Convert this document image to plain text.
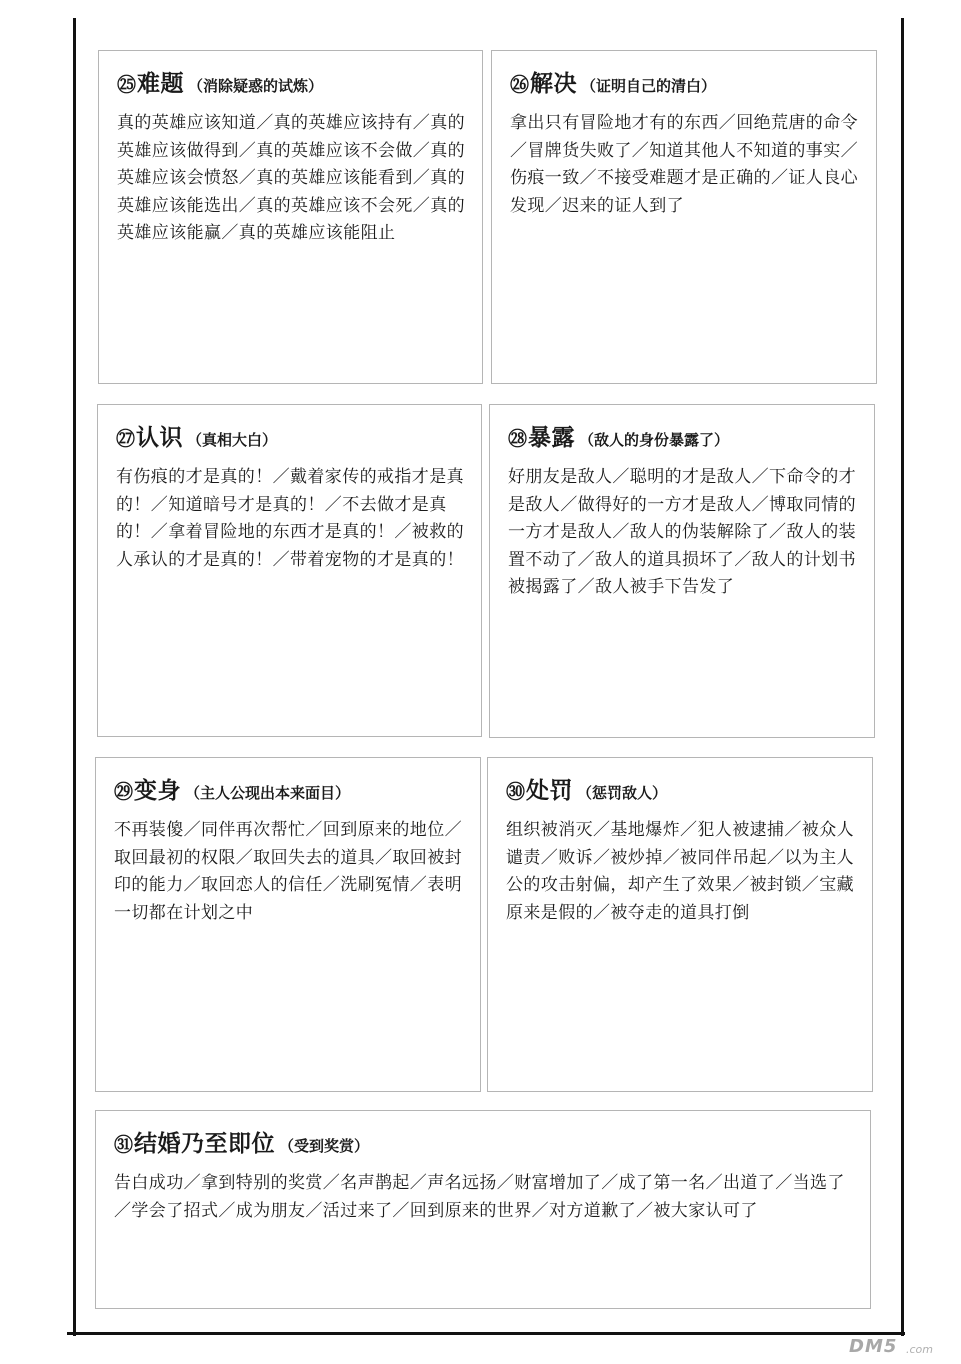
㉕ 难题 （消除疑惑的试炼）
真的英雄应该知道／真的英雄应该持有／真的英雄应该做得到／真的英雄应该不会做／真的英雄应该会愤怒／真的英雄应该能看到／真的英雄应该能选出／真的英雄应该不会死／真的英雄应该能赢／真的英雄应该能阻止
㉖ 解决 （证明自己的清白）
拿出只有冒险地才有的东西／回绝荒唐的命令／冒牌货失败了／知道其他人不知道的事实／伤痕一致／不接受难题才是正确的／证人良心发现／迟来的证人到了
㉗ 认识 （真相大白）
有伤痕的才是真的！／戴着家传的戒指才是真的！／知道暗号才是真的！／不去做才是真的！／拿着冒险地的东西才是真的！／被救的人承认的才是真的！／带着宠物的才是真的！
㉘ 暴露 （敌人的身份暴露了）
好朋友是敌人／聪明的才是敌人／下命令的才是敌人／做得好的一方才是敌人／博取同情的一方才是敌人／敌人的伪装解除了／敌人的装置不动了／敌人的道具损坏了／敌人的计划书被揭露了／敌人被手下告发了
㉙ 变身 （主人公现出本来面目）
不再装傻／同伴再次帮忙／回到原来的地位／取回最初的权限／取回失去的道具／取回被封印的能力／取回恋人的信任／洗刷冤情／表明一切都在计划之中
㉚ 处罚 （惩罚敌人）
组织被消灭／基地爆炸／犯人被逮捕／被众人谴责／败诉／被炒掉／被同伴吊起／以为主人公的攻击射偏，却产生了效果／被封锁／宝藏原来是假的／被夺走的道具打倒
㉛ 结婚乃至即位 （受到奖赏）
告白成功／拿到特别的奖赏／名声鹊起／声名远扬／财富增加了／成了第一名／出道了／当选了／学会了招式／成为朋友／活过来了／回到原来的世界／对方道歉了／被大家认可了
DM5 .com
